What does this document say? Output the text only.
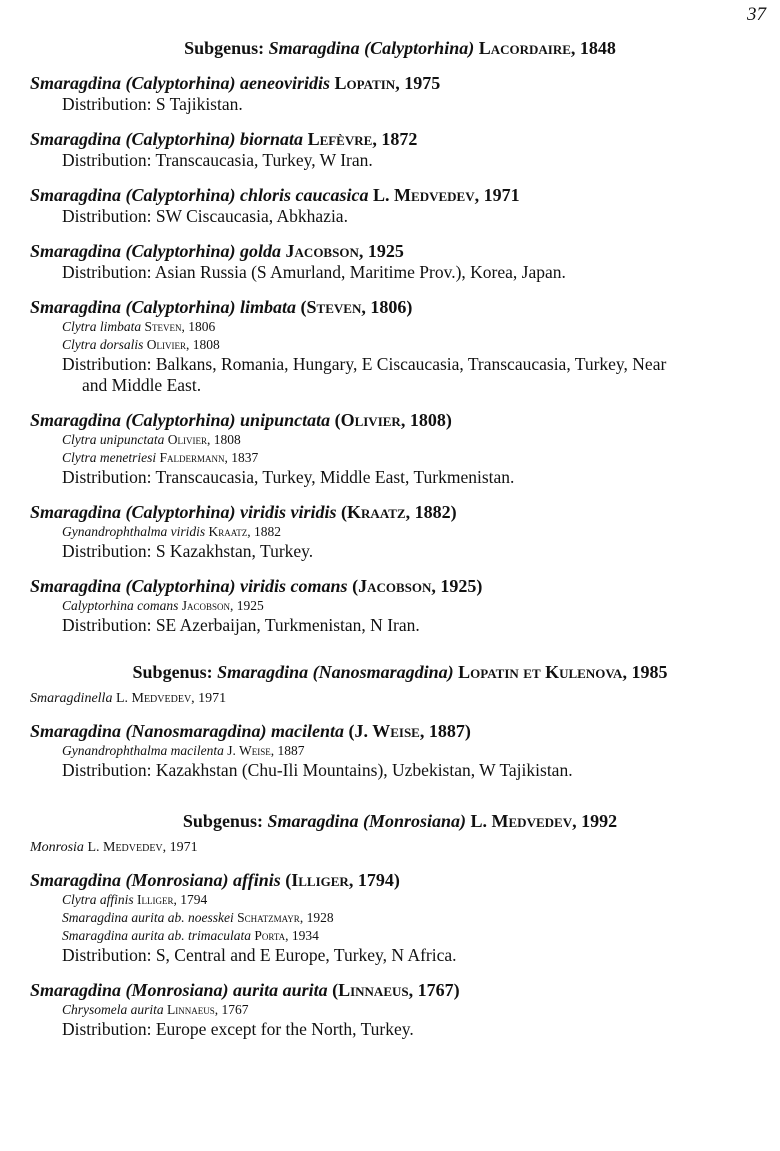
37
Subgenus: Smaragdina (Calyptorhina) Lacordaire, 1848
Smaragdina (Calyptorhina) aeneoviridis Lopatin, 1975
Distribution: S Tajikistan.
Smaragdina (Calyptorhina) biornata Lefèvre, 1872
Distribution: Transcaucasia, Turkey, W Iran.
Smaragdina (Calyptorhina) chloris caucasica L. Medvedev, 1971
Distribution: SW Ciscaucasia, Abkhazia.
Smaragdina (Calyptorhina) golda Jacobson, 1925
Distribution: Asian Russia (S Amurland, Maritime Prov.), Korea, Japan.
Smaragdina (Calyptorhina) limbata (Steven, 1806)
Clytra limbata Steven, 1806
Clytra dorsalis Olivier, 1808
Distribution: Balkans, Romania, Hungary, E Ciscaucasia, Transcaucasia, Turkey, Near
and Middle East.
Smaragdina (Calyptorhina) unipunctata (Olivier, 1808)
Clytra unipunctata Olivier, 1808
Clytra menetriesi Faldermann, 1837
Distribution: Transcaucasia, Turkey, Middle East, Turkmenistan.
Smaragdina (Calyptorhina) viridis viridis (Kraatz, 1882)
Gynandrophthalma viridis Kraatz, 1882
Distribution: S Kazakhstan, Turkey.
Smaragdina (Calyptorhina) viridis comans (Jacobson, 1925)
Calyptorhina comans Jacobson, 1925
Distribution: SE Azerbaijan, Turkmenistan, N Iran.
Subgenus: Smaragdina (Nanosmaragdina) Lopatin et Kulenova, 1985
Smaragdinella L. Medvedev, 1971
Smaragdina (Nanosmaragdina) macilenta (J. Weise, 1887)
Gynandrophthalma macilenta J. Weise, 1887
Distribution: Kazakhstan (Chu-Ili Mountains), Uzbekistan, W Tajikistan.
Subgenus: Smaragdina (Monrosiana) L. Medvedev, 1992
Monrosia L. Medvedev, 1971
Smaragdina (Monrosiana) affinis (Illiger, 1794)
Clytra affinis Illiger, 1794
Smaragdina aurita ab. noesskei Schatzmayr, 1928
Smaragdina aurita ab. trimaculata Porta, 1934
Distribution: S, Central and E Europe, Turkey, N Africa.
Smaragdina (Monrosiana) aurita aurita (Linnaeus, 1767)
Chrysomela aurita Linnaeus, 1767
Distribution: Europe except for the North, Turkey.
